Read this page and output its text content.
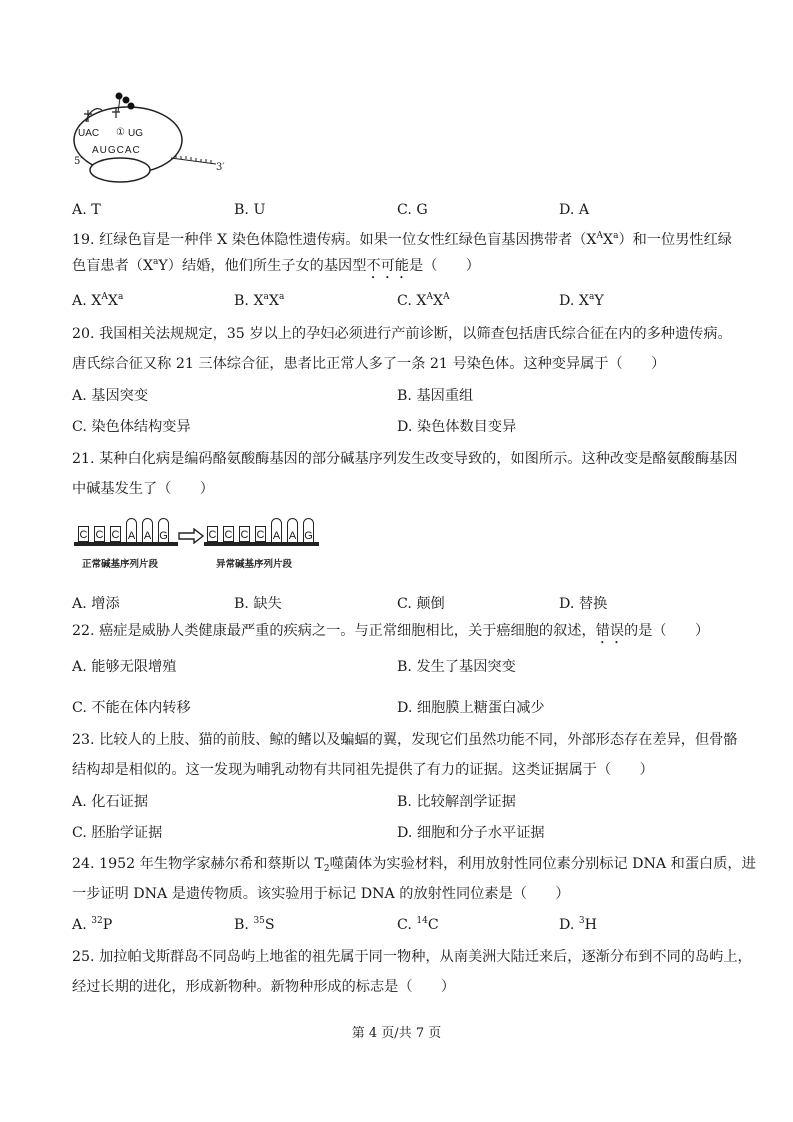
UAC ① UG
AUGCAC
5′
3′
A. T	B. U	C. G	D. A
19. 红绿色盲是一种伴 X 染色体隐性遗传病。如果一位女性红绿色盲基因携带者$(X^AX^a)$和一位男性红绿
色盲患者$(X^aY)$结婚，他们所生子女的基因型不可能是（　　）
A. $X^AX^a$	B. $X^aX^a$	C. $X^AX^A$	D. $X^aY$
20. 我国相关法规规定，35 岁以上的孕妇必须进行产前诊断，以筛查包括唐氏综合征在内的多种遗传病。
唐氏综合征又称 21 三体综合征，患者比正常人多了一条 21 号染色体。这种变异属于（　　）
A. 基因突变	B. 基因重组
C. 染色体结构变异	D. 染色体数目变异
21. 某种白化病是编码酪氨酸酶基因的部分碱基序列发生改变导致的，如图所示。这种改变是酪氨酸酶基因
中碱基发生了（　　）
C C C A A G	C C C C A A G
正常碱基序列片段	异常碱基序列片段
A. 增添	B. 缺失	C. 颠倒	D. 替换
22. 癌症是威胁人类健康最严重的疾病之一。与正常细胞相比，关于癌细胞的叙述，错误的是（　　）
A. 能够无限增殖	B. 发生了基因突变
C. 不能在体内转移	D. 细胞膜上糖蛋白减少
23. 比较人的上肢、猫的前肢、鲸的鳍以及蝙蝠的翼，发现它们虽然功能不同，外部形态存在差异，但骨骼
结构却是相似的。这一发现为哺乳动物有共同祖先提供了有力的证据。这类证据属于（　　）
A. 化石证据	B. 比较解剖学证据
C. 胚胎学证据	D. 细胞和分子水平证据
24. 1952 年生物学家赫尔希和蔡斯以 $T_2$噬菌体为实验材料，利用放射性同位素分别标记 DNA 和蛋白质，进
一步证明 DNA 是遗传物质。该实验用于标记 DNA 的放射性同位素是（　　）
A. $^{32}$P	B. $^{35}$S	C. $^{14}$C	D. $^3$H
25. 加拉帕戈斯群岛不同岛屿上地雀的祖先属于同一物种，从南美洲大陆迁来后，逐渐分布到不同的岛屿上，
经过长期的进化，形成新物种。新物种形成的标志是（　　）
第 4 页/共 7 页
